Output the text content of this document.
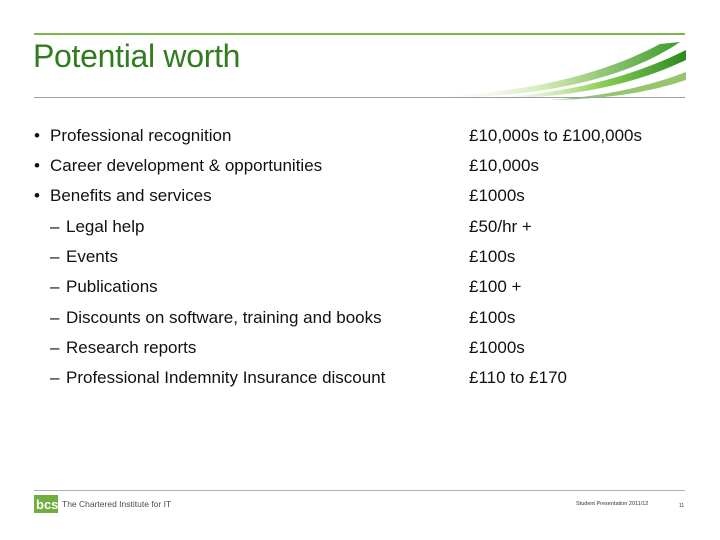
Potential worth
• Professional recognition	£10,000s to £100,000s
• Career development & opportunities	£10,000s
• Benefits and services	£1000s
– Legal help	£50/hr +
– Events	£100s
– Publications	£100 +
– Discounts on software, training and books	£100s
– Research reports	£1000s
– Professional Indemnity Insurance discount	£110 to £170
bcs The Chartered Institute for IT	Student Presentation 2011/12	11
